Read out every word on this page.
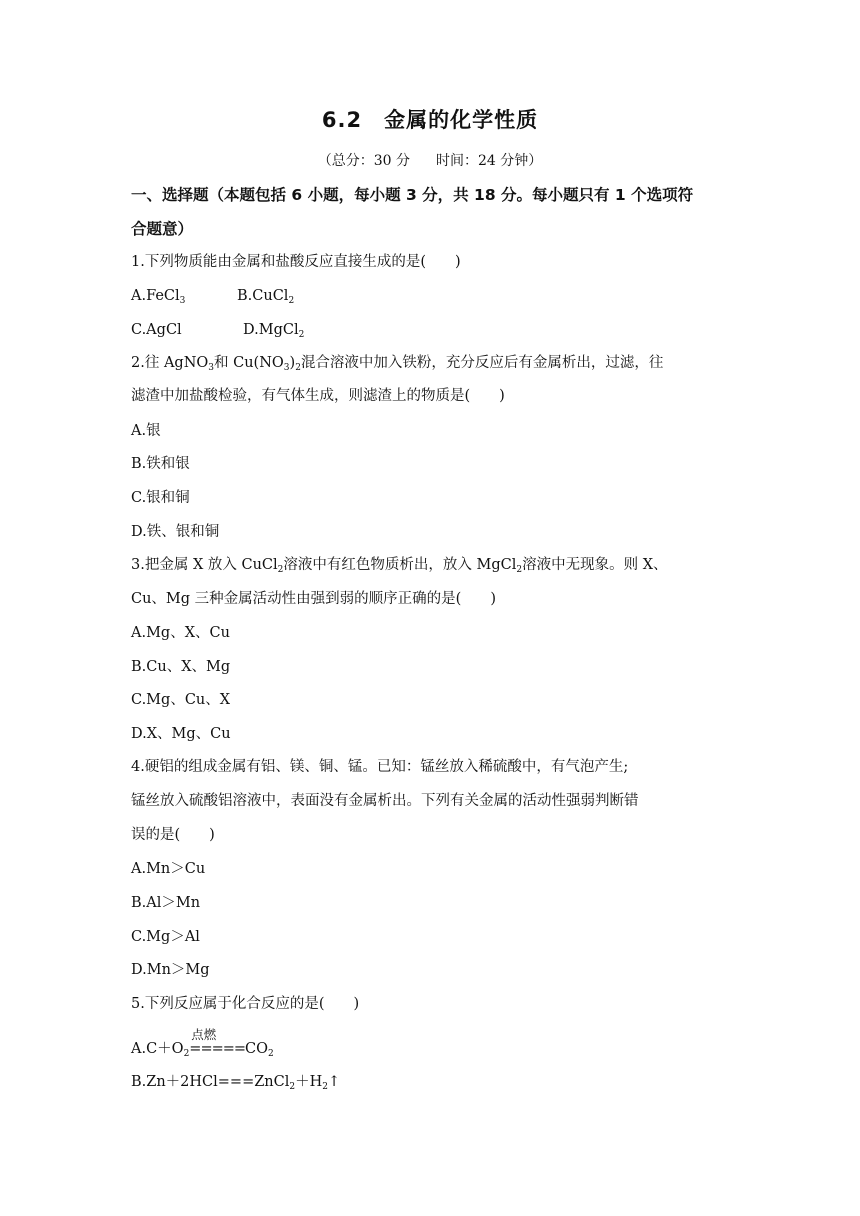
6.2　金属的化学性质
（总分：30 分 时间：24 分钟）
一、选择题（本题包括 6 小题，每小题 3 分，共 18 分。每小题只有 1 个选项符
合题意）
1.下列物质能由金属和盐酸反应直接生成的是(　　)
A.FeCl$_3$	B.CuCl$_2$
C.AgCl	D.MgCl$_2$
2.往 AgNO$_3$和 $Cu(NO_3)_2$混合溶液中加入铁粉，充分反应后有金属析出，过滤，往
滤渣中加盐酸检验，有气体生成，则滤渣上的物质是(　　)
A.银
B.铁和银
C.银和铜
D.铁、银和铜
3.把金属 X 放入 CuCl$_2$溶液中有红色物质析出，放入 MgCl$_2$溶液中无现象。则 X、
Cu、Mg 三种金属活动性由强到弱的顺序正确的是(　　)
A.Mg、X、Cu
B.Cu、X、Mg
C.Mg、Cu、X
D.X、Mg、Cu
4.硬铝的组成金属有铝、镁、铜、锰。已知：锰丝放入稀硫酸中，有气泡产生;
锰丝放入硫酸铝溶液中，表面没有金属析出。下列有关金属的活动性强弱判断错
误的是(　　)
A.Mn＞Cu
B.Al＞Mn
C.Mg＞Al
D.Mn＞Mg
5.下列反应属于化合反应的是(　　)
$A.C+O_2$
点燃
$=====CO_2$
$B.Zn+2HCl===ZnCl_2+H_2↑$
